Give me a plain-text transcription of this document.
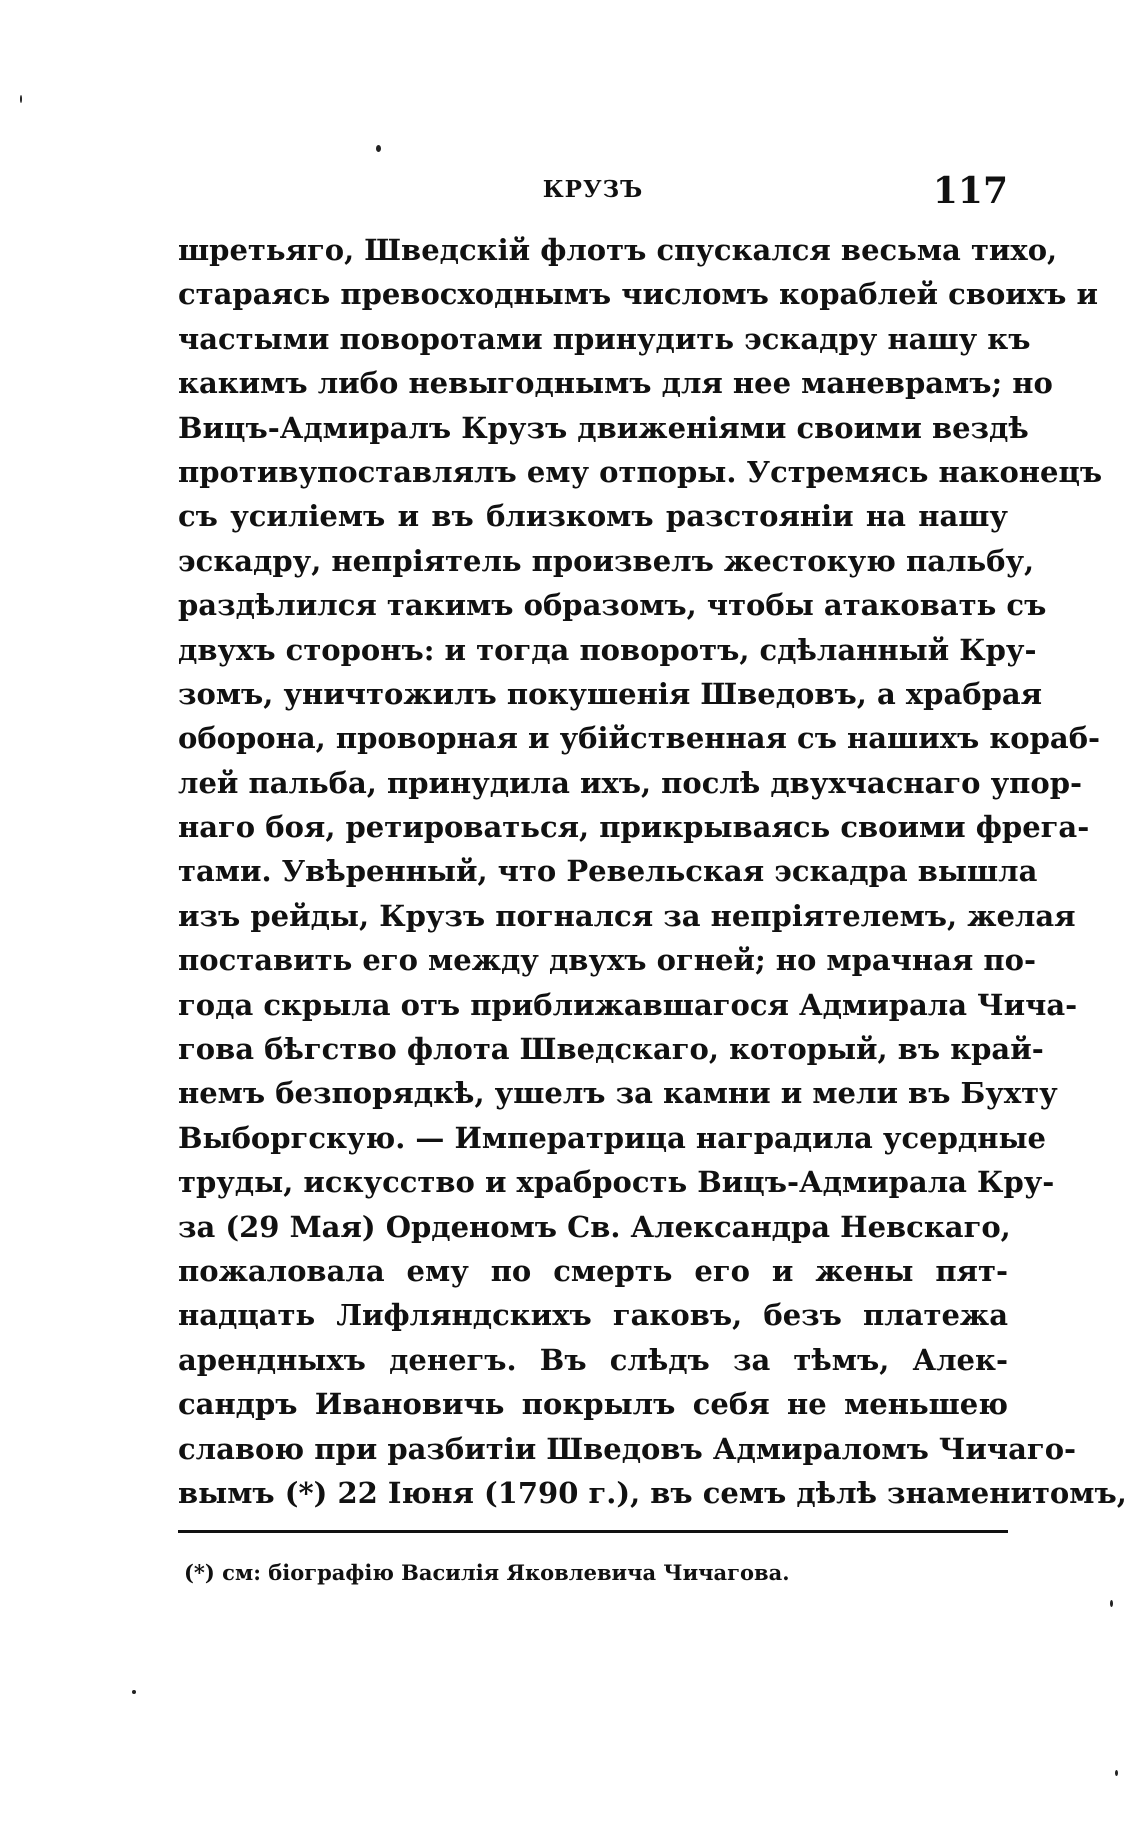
КРУЗЪ	117
шретьяго, Шведскій флотъ спускался весьма тихо,
стараясь превосходнымъ числомъ кораблей своихъ и
частыми поворотами принудить эскадру нашу къ
какимъ либо невыгоднымъ для нее маневрамъ; но
Вицъ-Адмиралъ Крузъ движеніями своими вездѣ
противупоставлялъ ему отпоры. Устремясь наконецъ
съ усиліемъ и въ близкомъ разстояніи на нашу
эскадру, непріятель произвелъ жестокую пальбу,
раздѣлился такимъ образомъ, чтобы атаковать съ
двухъ сторонъ: и тогда поворотъ, сдѣланный Кру-
зомъ, уничтожилъ покушенія Шведовъ, а храбрая
оборона, проворная и убійственная съ нашихъ кораб-
лей пальба, принудила ихъ, послѣ двухчаснаго упор-
наго боя, ретироваться, прикрываясь своими фрега-
тами. Увѣренный, что Ревельская эскадра вышла
изъ рейды, Крузъ погнался за непріятелемъ, желая
поставить его между двухъ огней; но мрачная по-
года скрыла отъ приближавшагося Адмирала Чича-
гова бѣгство флота Шведскаго, который, въ край-
немъ безпорядкѣ, ушелъ за камни и мели въ Бухту
Выборгскую. — Императрица наградила усердные
труды, искусство и храбрость Вицъ-Адмирала Кру-
за (29 Мая) Орденомъ Св. Александра Невскаго,
пожаловала ему по смерть его и жены пят-
надцать Лифляндскихъ гаковъ, безъ платежа
арендныхъ денегъ. Въ слѣдъ за тѣмъ, Алек-
сандръ Ивановичь покрылъ себя не меньшею
славою при разбитіи Шведовъ Адмираломъ Чичаго-
вымъ (*) 22 Іюня (1790 г.), въ семъ дѣлѣ знаменитомъ,
(*) см: біографію Василія Яковлевича Чичагова.
